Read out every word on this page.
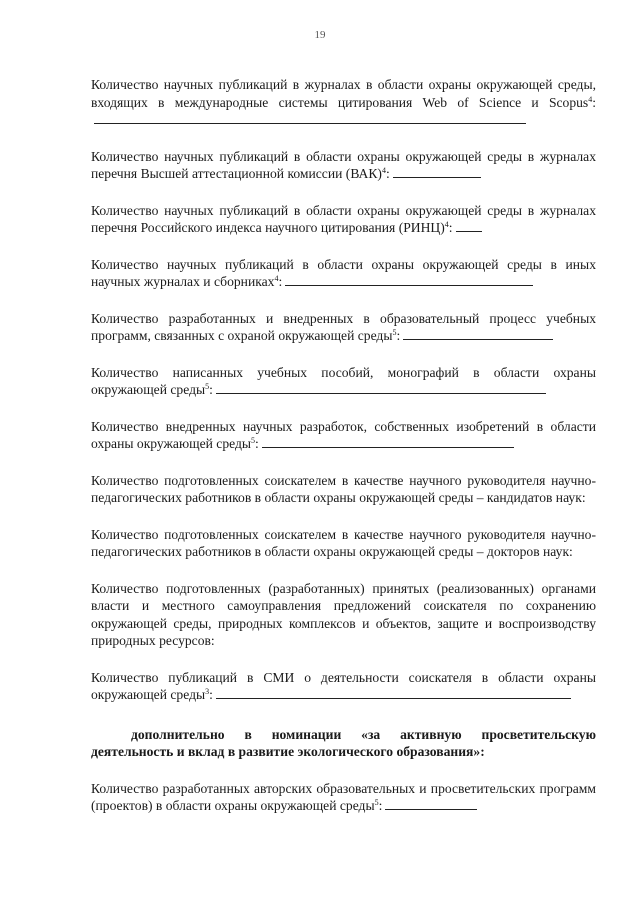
19

Количество научных публикаций в журналах в области охраны окружающей среды, входящих в международные системы цитирования Web of Science и Scopus$^4$:

Количество научных публикаций в области охраны окружающей среды в журналах перечня Высшей аттестационной комиссии (ВАК)$^4$:

Количество научных публикаций в области охраны окружающей среды в журналах перечня Российского индекса научного цитирования (РИНЦ)$^4$:

Количество научных публикаций в области охраны окружающей среды в иных научных журналах и сборниках$^4$:

Количество разработанных и внедренных в образовательный процесс учебных программ, связанных с охраной окружающей среды$^5$:

Количество написанных учебных пособий, монографий в области охраны окружающей среды$^5$:

Количество внедренных научных разработок, собственных изобретений в области охраны окружающей среды$^5$:

Количество подготовленных соискателем в качестве научного руководителя научно-педагогических работников в области охраны окружающей среды – кандидатов наук:

Количество подготовленных соискателем в качестве научного руководителя научно-педагогических работников в области охраны окружающей среды – докторов наук:

Количество подготовленных (разработанных) принятых (реализованных) органами власти и местного самоуправления предложений соискателя по сохранению окружающей среды, природных комплексов и объектов, защите и воспроизводству природных ресурсов:

Количество публикаций в СМИ о деятельности соискателя в области охраны окружающей среды$^3$:

дополнительно в номинации «за активную просветительскую деятельность и вклад в развитие экологического образования»:

Количество разработанных авторских образовательных и просветительских программ (проектов) в области охраны окружающей среды$^5$:
